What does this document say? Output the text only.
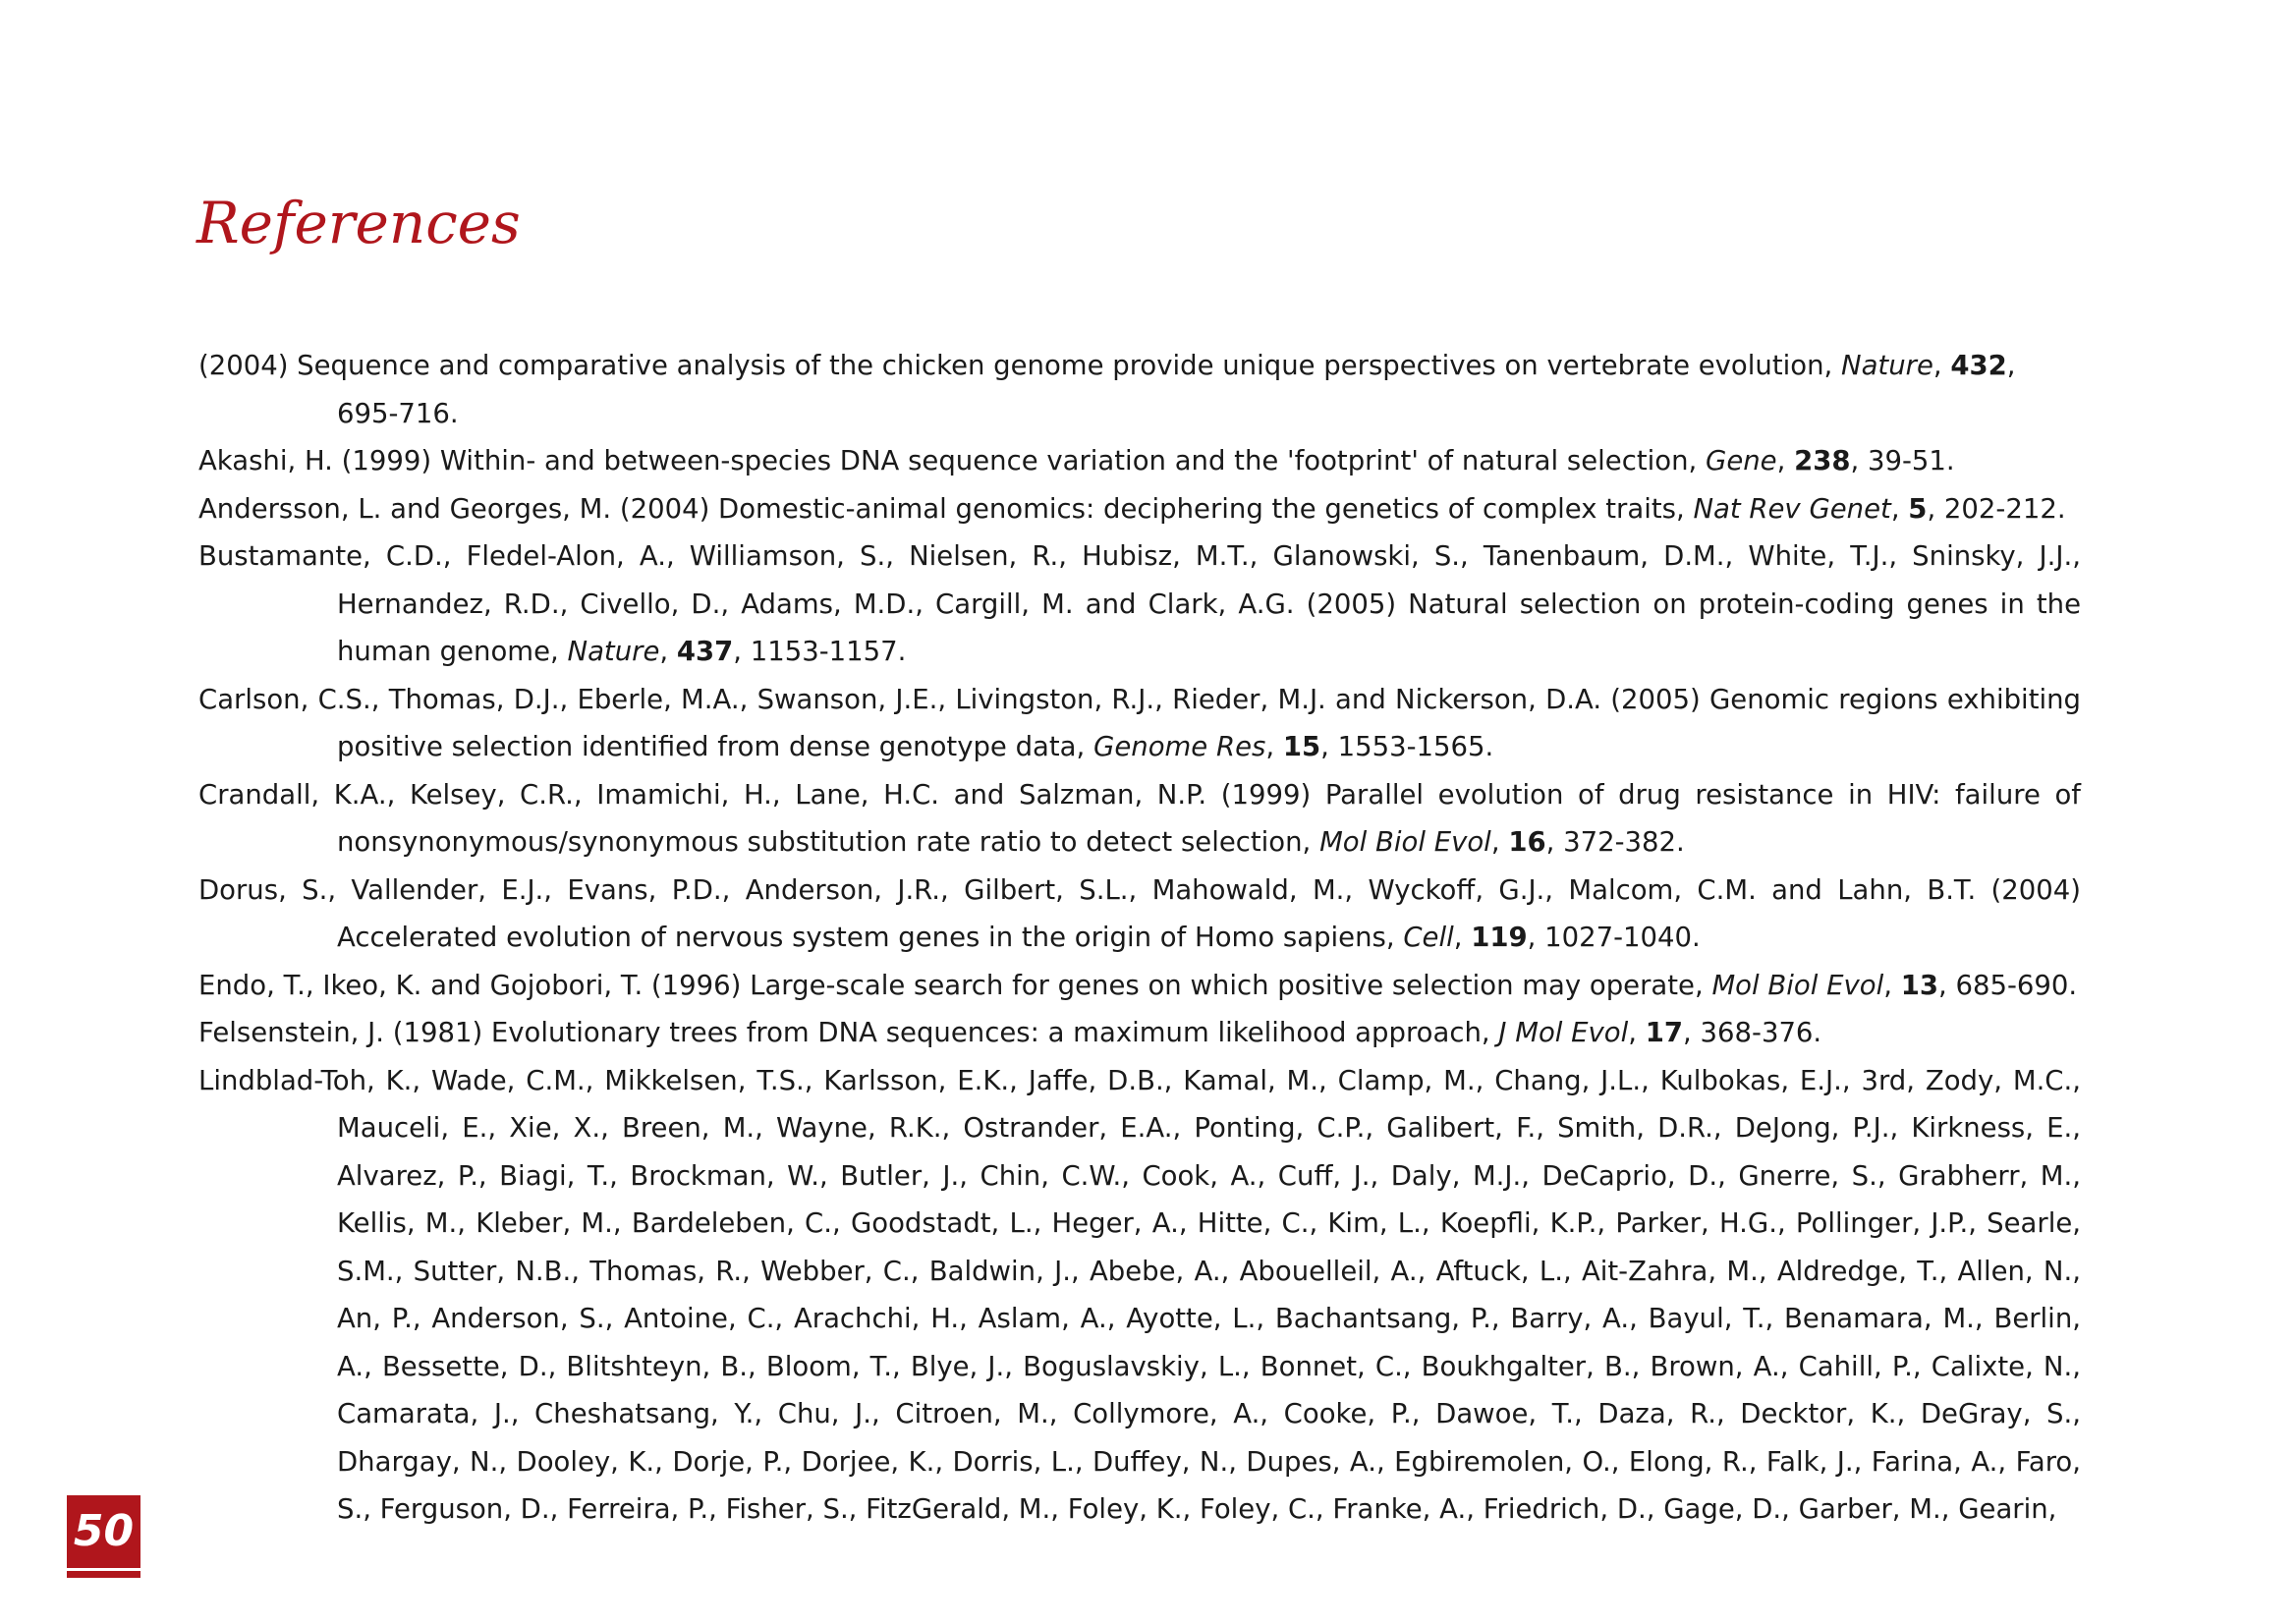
References
(2004) Sequence and comparative analysis of the chicken genome provide unique perspectives on vertebrate evolution, Nature, 432, 695-716.
Akashi, H. (1999) Within- and between-species DNA sequence variation and the 'footprint' of natural selection, Gene, 238, 39-51.
Andersson, L. and Georges, M. (2004) Domestic-animal genomics: deciphering the genetics of complex traits, Nat Rev Genet, 5, 202-212.
Bustamante, C.D., Fledel-Alon, A., Williamson, S., Nielsen, R., Hubisz, M.T., Glanowski, S., Tanenbaum, D.M., White, T.J., Sninsky, J.J., Hernandez, R.D., Civello, D., Adams, M.D., Cargill, M. and Clark, A.G. (2005) Natural selection on protein-coding genes in the human genome, Nature, 437, 1153-1157.
Carlson, C.S., Thomas, D.J., Eberle, M.A., Swanson, J.E., Livingston, R.J., Rieder, M.J. and Nickerson, D.A. (2005) Genomic regions exhibiting positive selection identified from dense genotype data, Genome Res, 15, 1553-1565.
Crandall, K.A., Kelsey, C.R., Imamichi, H., Lane, H.C. and Salzman, N.P. (1999) Parallel evolution of drug resistance in HIV: failure of nonsynonymous/synonymous substitution rate ratio to detect selection, Mol Biol Evol, 16, 372-382.
Dorus, S., Vallender, E.J., Evans, P.D., Anderson, J.R., Gilbert, S.L., Mahowald, M., Wyckoff, G.J., Malcom, C.M. and Lahn, B.T. (2004) Accelerated evolution of nervous system genes in the origin of Homo sapiens, Cell, 119, 1027-1040.
Endo, T., Ikeo, K. and Gojobori, T. (1996) Large-scale search for genes on which positive selection may operate, Mol Biol Evol, 13, 685-690.
Felsenstein, J. (1981) Evolutionary trees from DNA sequences: a maximum likelihood approach, J Mol Evol, 17, 368-376.
Lindblad-Toh, K., Wade, C.M., Mikkelsen, T.S., Karlsson, E.K., Jaffe, D.B., Kamal, M., Clamp, M., Chang, J.L., Kulbokas, E.J., 3rd, Zody, M.C., Mauceli, E., Xie, X., Breen, M., Wayne, R.K., Ostrander, E.A., Ponting, C.P., Galibert, F., Smith, D.R., DeJong, P.J., Kirkness, E., Alvarez, P., Biagi, T., Brockman, W., Butler, J., Chin, C.W., Cook, A., Cuff, J., Daly, M.J., DeCaprio, D., Gnerre, S., Grabherr, M., Kellis, M., Kleber, M., Bardeleben, C., Goodstadt, L., Heger, A., Hitte, C., Kim, L., Koepfli, K.P., Parker, H.G., Pollinger, J.P., Searle, S.M., Sutter, N.B., Thomas, R., Webber, C., Baldwin, J., Abebe, A., Abouelleil, A., Aftuck, L., Ait-Zahra, M., Aldredge, T., Allen, N., An, P., Anderson, S., Antoine, C., Arachchi, H., Aslam, A., Ayotte, L., Bachantsang, P., Barry, A., Bayul, T., Benamara, M., Berlin, A., Bessette, D., Blitshteyn, B., Bloom, T., Blye, J., Boguslavskiy, L., Bonnet, C., Boukhgalter, B., Brown, A., Cahill, P., Calixte, N., Camarata, J., Cheshatsang, Y., Chu, J., Citroen, M., Collymore, A., Cooke, P., Dawoe, T., Daza, R., Decktor, K., DeGray, S., Dhargay, N., Dooley, K., Dorje, P., Dorjee, K., Dorris, L., Duffey, N., Dupes, A., Egbiremolen, O., Elong, R., Falk, J., Farina, A., Faro, S., Ferguson, D., Ferreira, P., Fisher, S., FitzGerald, M., Foley, K., Foley, C., Franke, A., Friedrich, D., Gage, D., Garber, M., Gearin,
50
